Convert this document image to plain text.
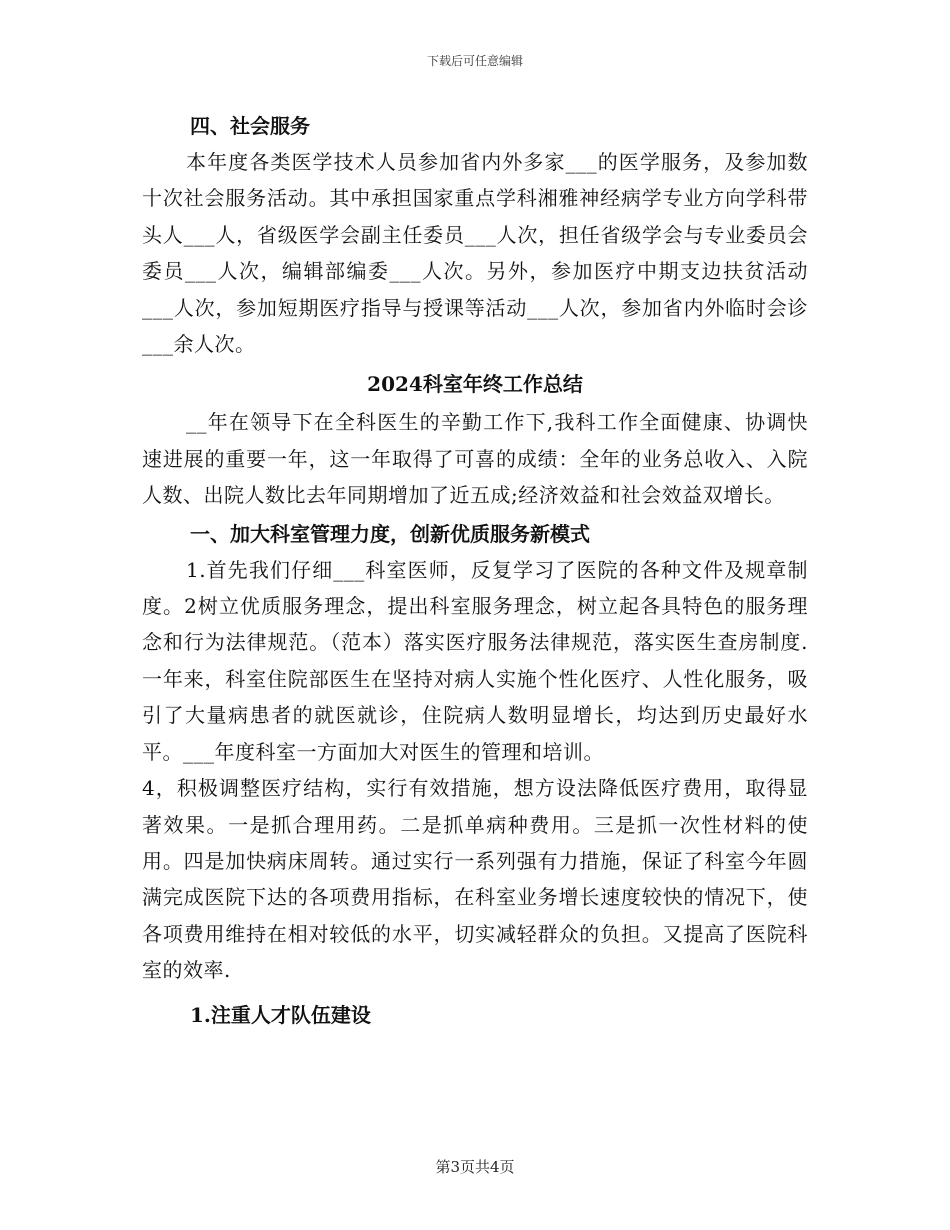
下载后可任意编辑

四、社会服务

本年度各类医学技术人员参加省内外多家___的医学服务，及参加数十次社会服务活动。其中承担国家重点学科湘雅神经病学专业方向学科带头人___人，省级医学会副主任委员___人次，担任省级学会与专业委员会委员___人次，编辑部编委___人次。另外，参加医疗中期支边扶贫活动___人次，参加短期医疗指导与授课等活动___人次，参加省内外临时会诊___余人次。

2024科室年终工作总结

__年在领导下在全科医生的辛勤工作下,我科工作全面健康、协调快速进展的重要一年，这一年取得了可喜的成绩：全年的业务总收入、入院人数、出院人数比去年同期增加了近五成;经济效益和社会效益双增长。

一、加大科室管理力度，创新优质服务新模式

1.首先我们仔细___科室医师，反复学习了医院的各种文件及规章制度。2树立优质服务理念，提出科室服务理念，树立起各具特色的服务理念和行为法律规范。（范本）落实医疗服务法律规范，落实医生查房制度.一年来，科室住院部医生在坚持对病人实施个性化医疗、人性化服务，吸引了大量病患者的就医就诊，住院病人数明显增长，均达到历史最好水平。___年度科室一方面加大对医生的管理和培训。

4，积极调整医疗结构，实行有效措施，想方设法降低医疗费用，取得显著效果。一是抓合理用药。二是抓单病种费用。三是抓一次性材料的使用。四是加快病床周转。通过实行一系列强有力措施，保证了科室今年圆满完成医院下达的各项费用指标，在科室业务增长速度较快的情况下，使各项费用维持在相对较低的水平，切实减轻群众的负担。又提高了医院科室的效率.

1.注重人才队伍建设

第3页共4页
